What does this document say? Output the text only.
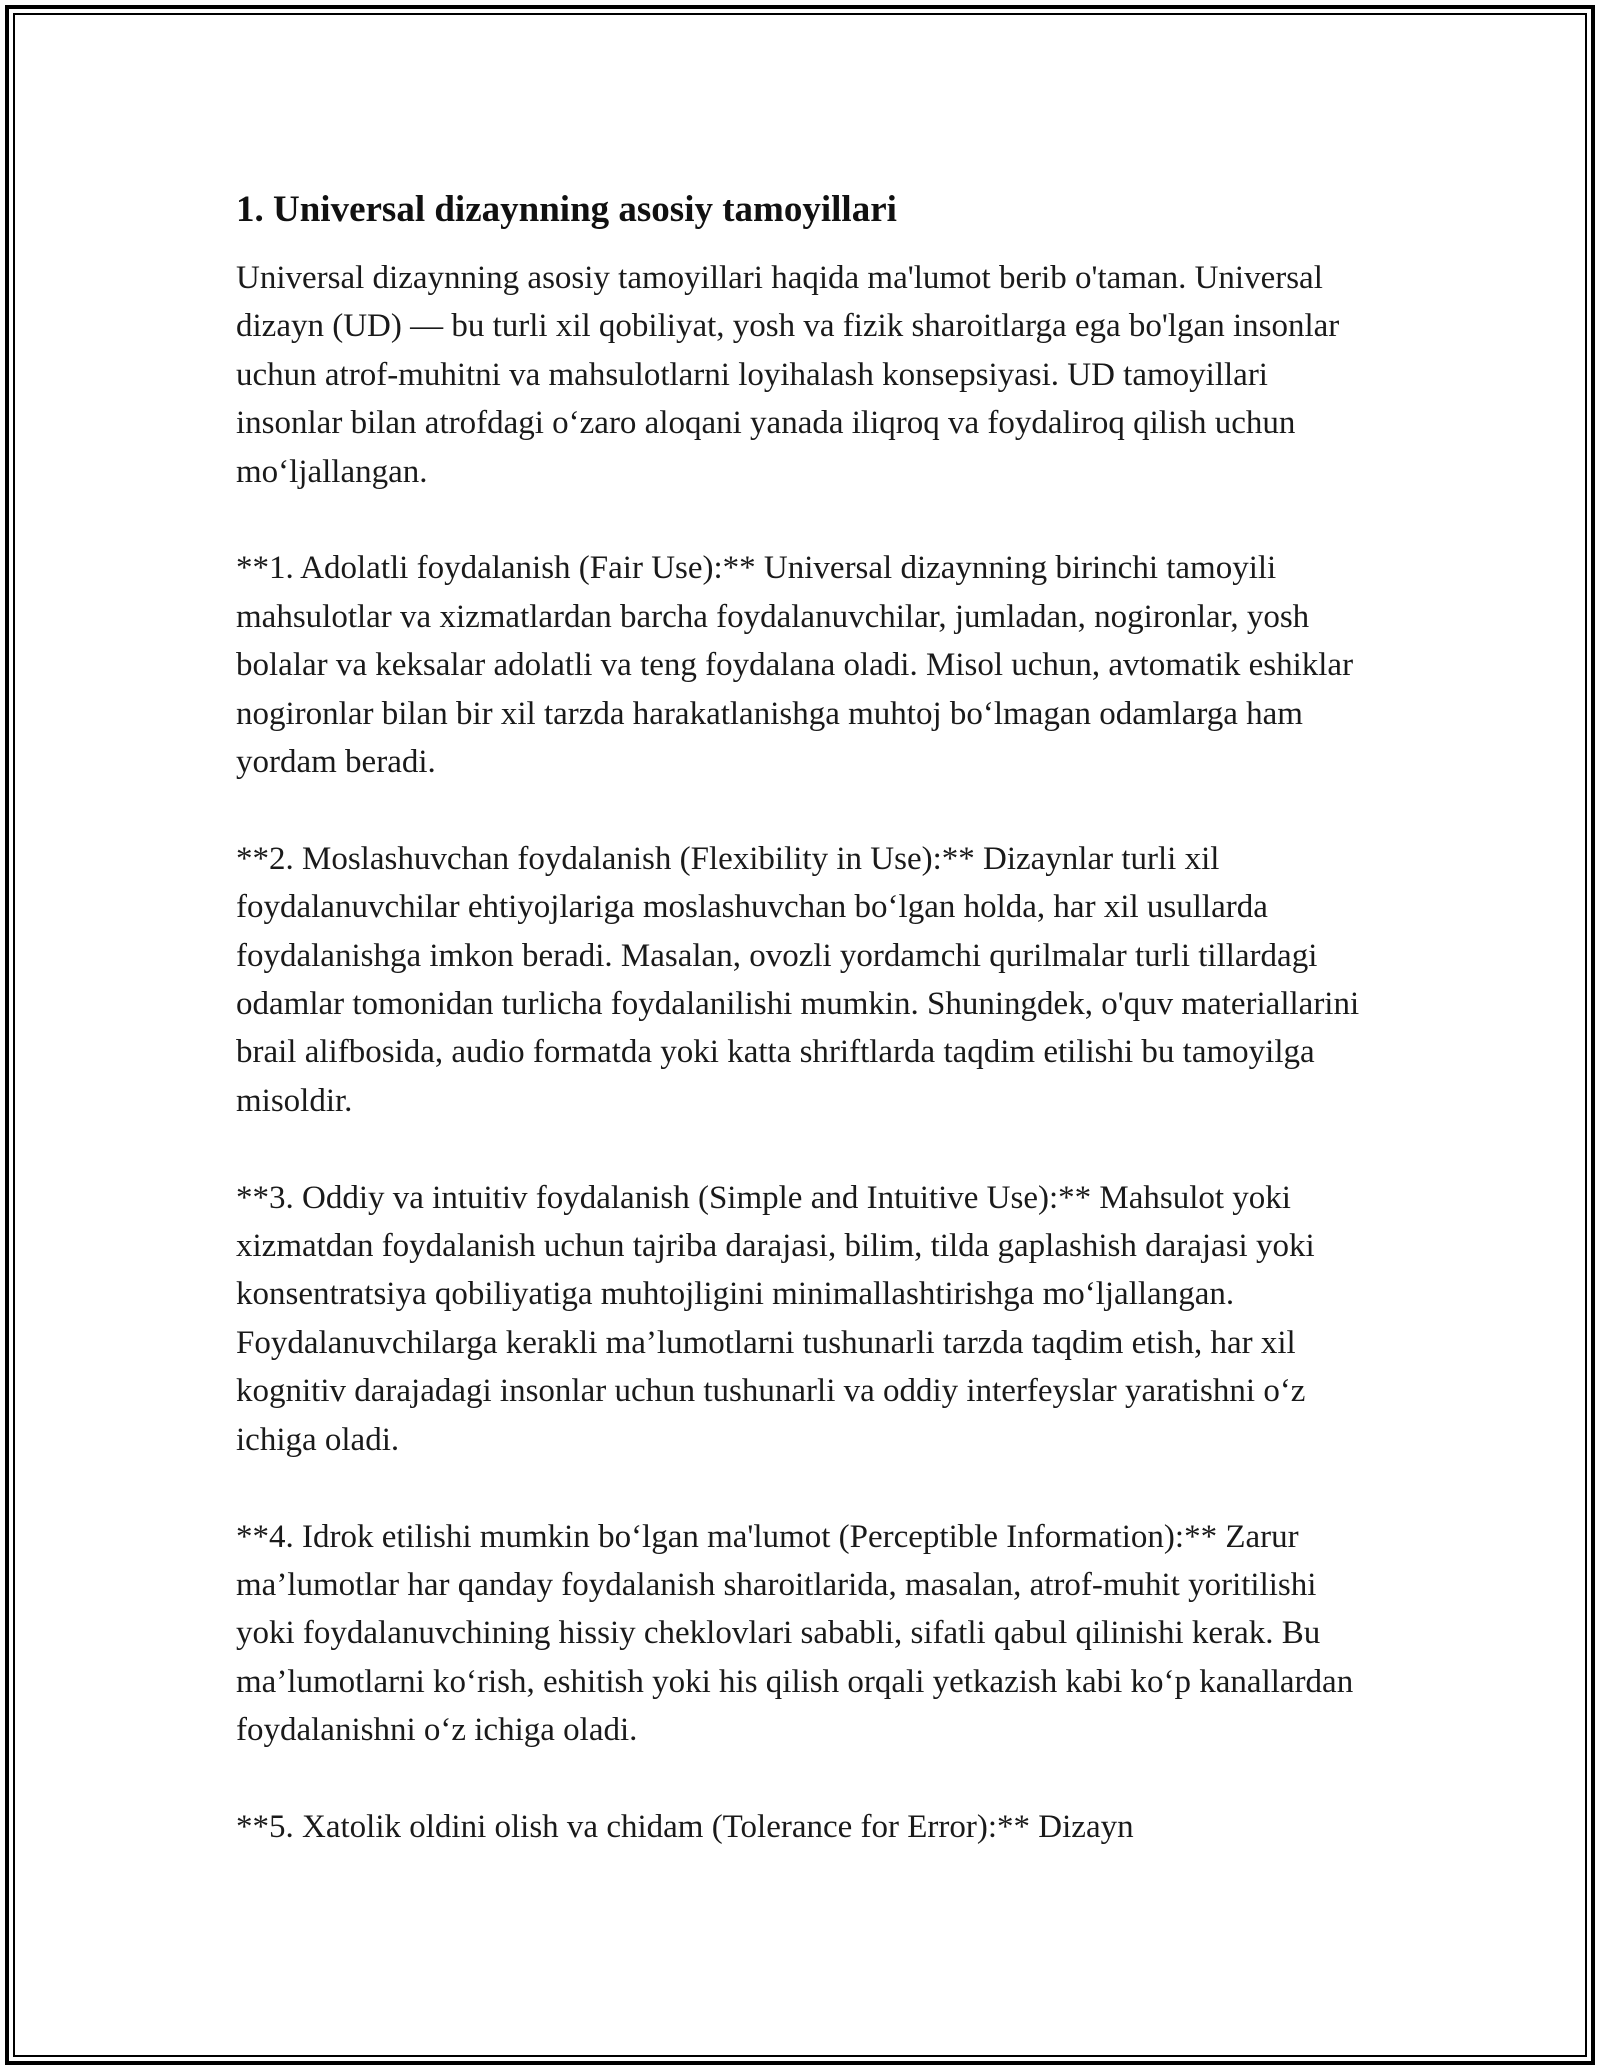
1. Universal dizaynning asosiy tamoyillari

Universal dizaynning asosiy tamoyillari haqida ma'lumot berib o'taman. Universal dizayn (UD) — bu turli xil qobiliyat, yosh va fizik sharoitlarga ega bo'lgan insonlar uchun atrof-muhitni va mahsulotlarni loyihalash konsepsiyasi. UD tamoyillari insonlar bilan atrofdagi oʻzaro aloqani yanada iliqroq va foydaliroq qilish uchun moʻljallangan.

**1. Adolatli foydalanish (Fair Use):** Universal dizaynning birinchi tamoyili mahsulotlar va xizmatlardan barcha foydalanuvchilar, jumladan, nogironlar, yosh bolalar va keksalar adolatli va teng foydalana oladi. Misol uchun, avtomatik eshiklar nogironlar bilan bir xil tarzda harakatlanishga muhtoj boʻlmagan odamlarga ham yordam beradi.

**2. Moslashuvchan foydalanish (Flexibility in Use):** Dizaynlar turli xil foydalanuvchilar ehtiyojlariga moslashuvchan boʻlgan holda, har xil usullarda foydalanishga imkon beradi. Masalan, ovozli yordamchi qurilmalar turli tillardagi odamlar tomonidan turlicha foydalanilishi mumkin. Shuningdek, o'quv materiallarini brail alifbosida, audio formatda yoki katta shriftlarda taqdim etilishi bu tamoyilga misoldir.

**3. Oddiy va intuitiv foydalanish (Simple and Intuitive Use):** Mahsulot yoki xizmatdan foydalanish uchun tajriba darajasi, bilim, tilda gaplashish darajasi yoki konsentratsiya qobiliyatiga muhtojligini minimallashtirishga moʻljallangan. Foydalanuvchilarga kerakli ma’lumotlarni tushunarli tarzda taqdim etish, har xil kognitiv darajadagi insonlar uchun tushunarli va oddiy interfeyslar yaratishni oʻz ichiga oladi.

**4. Idrok etilishi mumkin boʻlgan ma'lumot (Perceptible Information):** Zarur ma’lumotlar har qanday foydalanish sharoitlarida, masalan, atrof-muhit yoritilishi yoki foydalanuvchining hissiy cheklovlari sababli, sifatli qabul qilinishi kerak. Bu ma’lumotlarni koʻrish, eshitish yoki his qilish orqali yetkazish kabi koʻp kanallardan foydalanishni oʻz ichiga oladi.

**5. Xatolik oldini olish va chidam (Tolerance for Error):** Dizayn
